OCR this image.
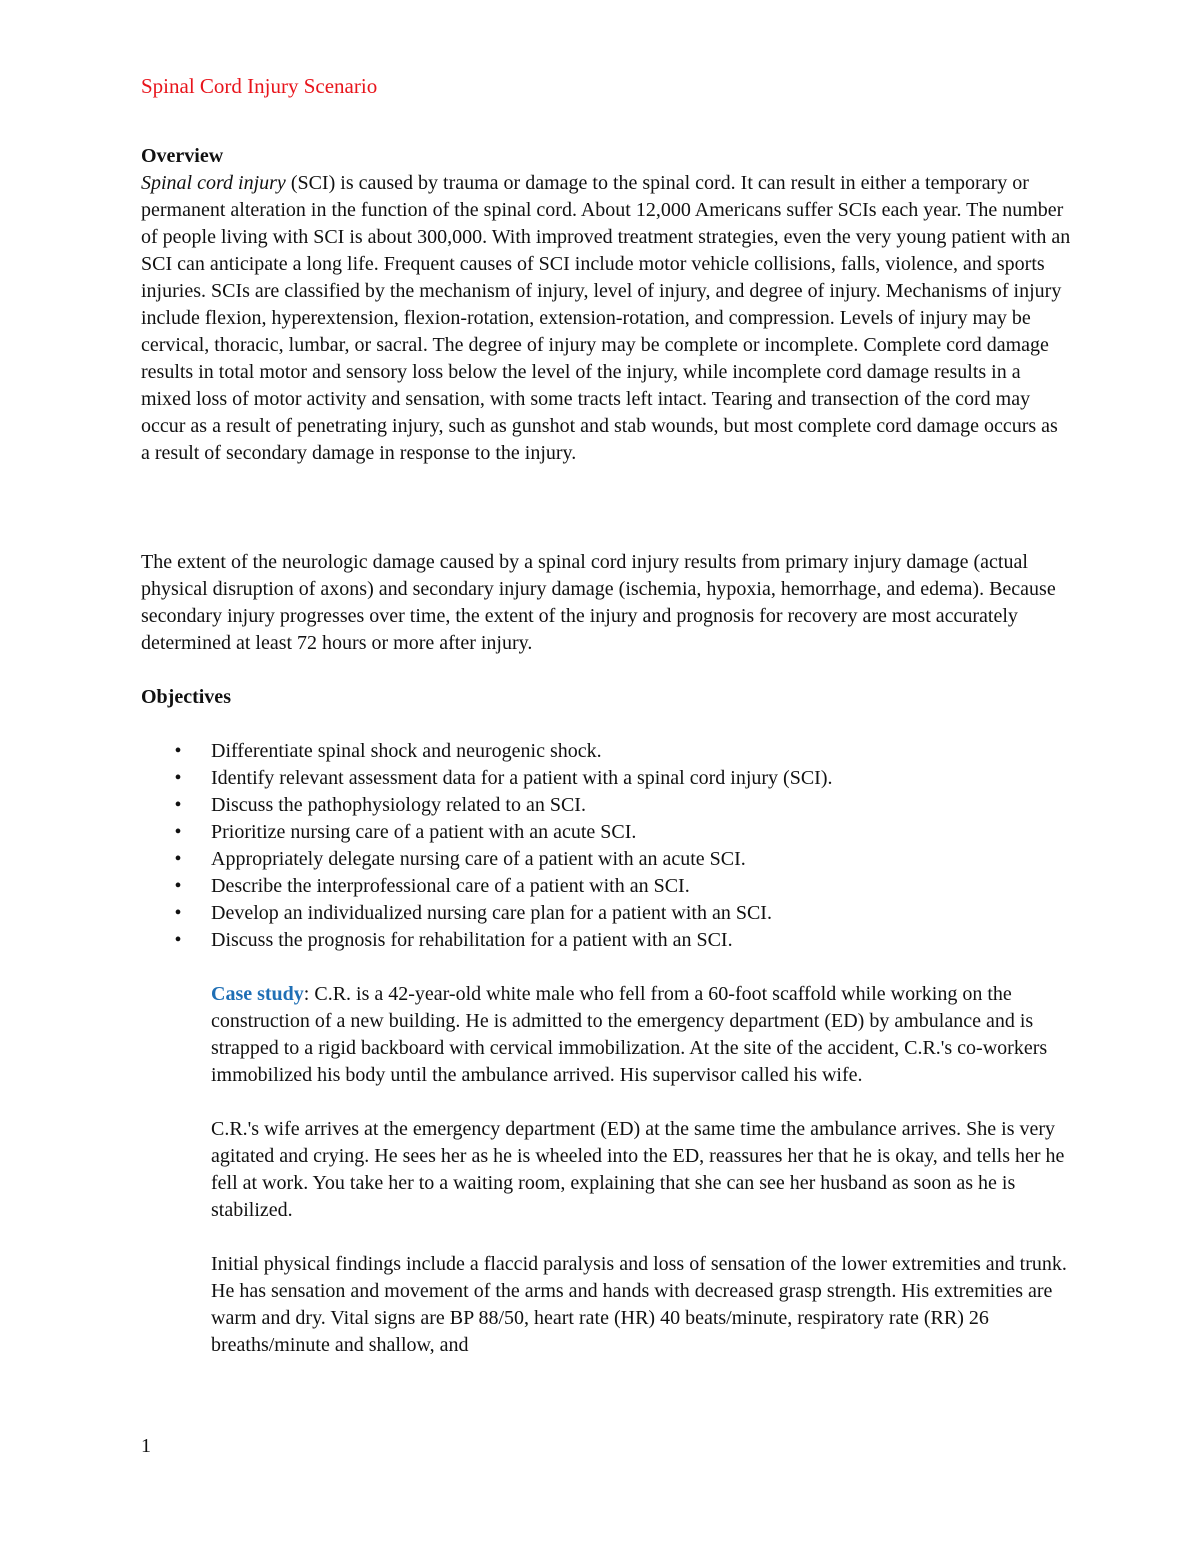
Spinal Cord Injury Scenario
Overview

Spinal cord injury (SCI) is caused by trauma or damage to the spinal cord. It can result in either a temporary or permanent alteration in the function of the spinal cord. About 12,000 Americans suffer SCIs each year. The number of people living with SCI is about 300,000. With improved treatment strategies, even the very young patient with an SCI can anticipate a long life. Frequent causes of SCI include motor vehicle collisions, falls, violence, and sports injuries. SCIs are classified by the mechanism of injury, level of injury, and degree of injury. Mechanisms of injury include flexion, hyperextension, flexion-rotation, extension-rotation, and compression. Levels of injury may be cervical, thoracic, lumbar, or sacral. The degree of injury may be complete or incomplete. Complete cord damage results in total motor and sensory loss below the level of the injury, while incomplete cord damage results in a mixed loss of motor activity and sensation, with some tracts left intact. Tearing and transection of the cord may occur as a result of penetrating injury, such as gunshot and stab wounds, but most complete cord damage occurs as a result of secondary damage in response to the injury.

The extent of the neurologic damage caused by a spinal cord injury results from primary injury damage (actual physical disruption of axons) and secondary injury damage (ischemia, hypoxia, hemorrhage, and edema). Because secondary injury progresses over time, the extent of the injury and prognosis for recovery are most accurately determined at least 72 hours or more after injury.

Objectives
• Differentiate spinal shock and neurogenic shock.
• Identify relevant assessment data for a patient with a spinal cord injury (SCI).
• Discuss the pathophysiology related to an SCI.
• Prioritize nursing care of a patient with an acute SCI.
• Appropriately delegate nursing care of a patient with an acute SCI.
• Describe the interprofessional care of a patient with an SCI.
• Develop an individualized nursing care plan for a patient with an SCI.
• Discuss the prognosis for rehabilitation for a patient with an SCI.

Case study: C.R. is a 42-year-old white male who fell from a 60-foot scaffold while working on the construction of a new building. He is admitted to the emergency department (ED) by ambulance and is strapped to a rigid backboard with cervical immobilization. At the site of the accident, C.R.'s co-workers immobilized his body until the ambulance arrived. His supervisor called his wife.

C.R.'s wife arrives at the emergency department (ED) at the same time the ambulance arrives. She is very agitated and crying. He sees her as he is wheeled into the ED, reassures her that he is okay, and tells her he fell at work. You take her to a waiting room, explaining that she can see her husband as soon as he is stabilized.

Initial physical findings include a flaccid paralysis and loss of sensation of the lower extremities and trunk. He has sensation and movement of the arms and hands with decreased grasp strength. His extremities are warm and dry. Vital signs are BP 88/50, heart rate (HR) 40 beats/minute, respiratory rate (RR) 26 breaths/minute and shallow, and

1
